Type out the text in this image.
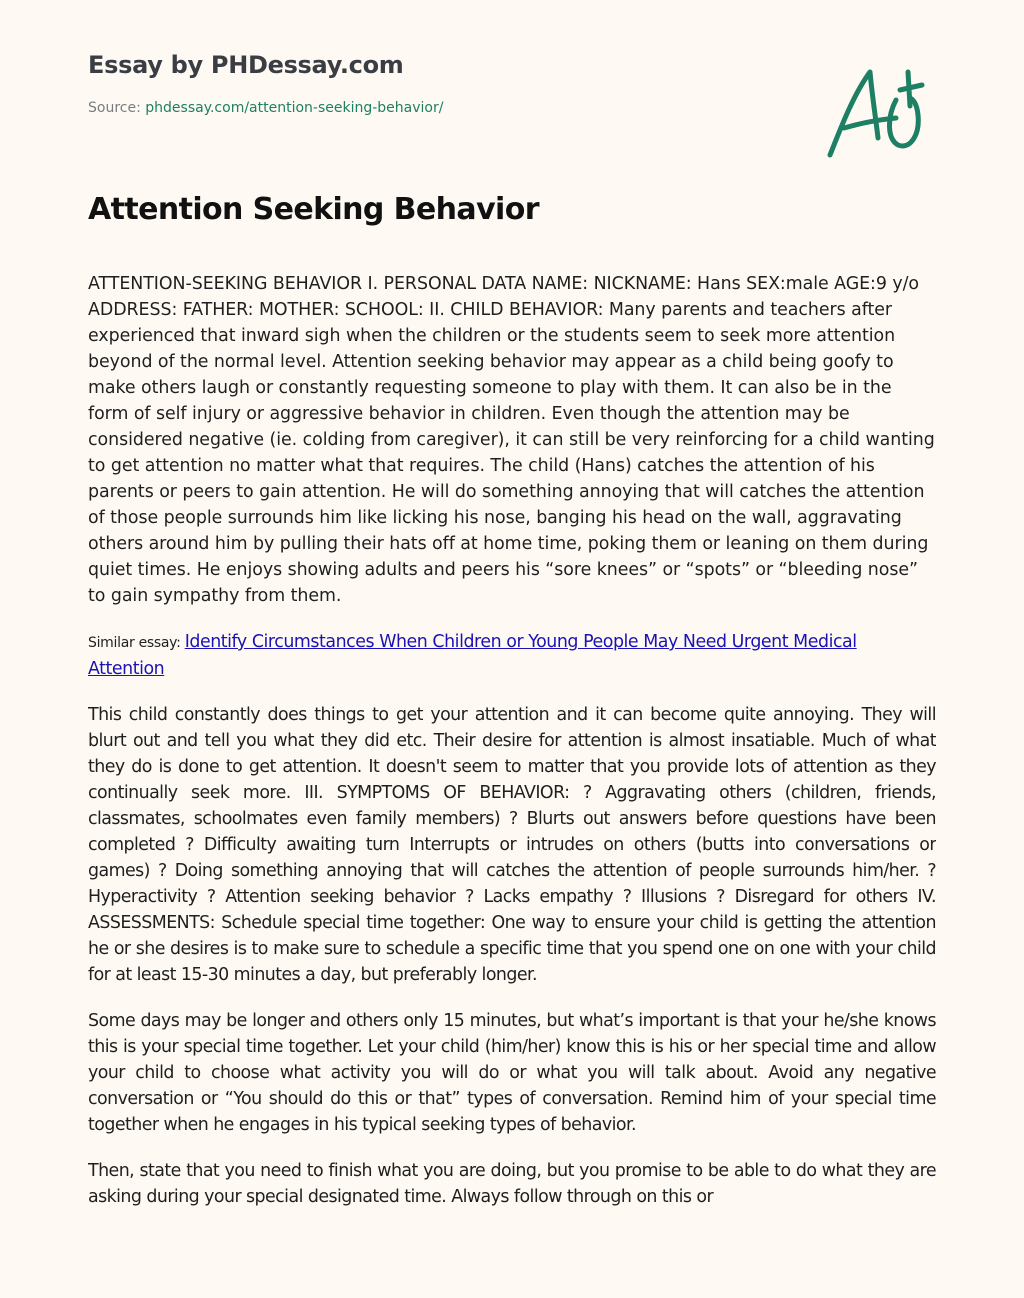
Essay by PHDessay.com
Source: phdessay.com/attention-seeking-behavior/
Attention Seeking Behavior

ATTENTION-SEEKING BEHAVIOR I. PERSONAL DATA NAME: NICKNAME: Hans SEX:male AGE:9 y/o ADDRESS: FATHER: MOTHER: SCHOOL: II. CHILD BEHAVIOR: Many parents and teachers after experienced that inward sigh when the children or the students seem to seek more attention beyond of the normal level. Attention seeking behavior may appear as a child being goofy to make others laugh or constantly requesting someone to play with them. It can also be in the form of self injury or aggressive behavior in children. Even though the attention may be considered negative (ie. colding from caregiver), it can still be very reinforcing for a child wanting to get attention no matter what that requires. The child (Hans) catches the attention of his parents or peers to gain attention. He will do something annoying that will catches the attention of those people surrounds him like licking his nose, banging his head on the wall, aggravating others around him by pulling their hats off at home time, poking them or leaning on them during quiet times. He enjoys showing adults and peers his “sore knees” or “spots” or “bleeding nose” to gain sympathy from them.

Similar essay: Identify Circumstances When Children or Young People May Need Urgent Medical Attention

This child constantly does things to get your attention and it can become quite annoying. They will blurt out and tell you what they did etc. Their desire for attention is almost insatiable. Much of what they do is done to get attention. It doesn't seem to matter that you provide lots of attention as they continually seek more. III. SYMPTOMS OF BEHAVIOR: ? Aggravating others (children, friends, classmates, schoolmates even family members) ? Blurts out answers before questions have been completed ? Difficulty awaiting turn Interrupts or intrudes on others (butts into conversations or games) ? Doing something annoying that will catches the attention of people surrounds him/her. ? Hyperactivity ? Attention seeking behavior ? Lacks empathy ? Illusions ? Disregard for others IV. ASSESSMENTS: Schedule special time together: One way to ensure your child is getting the attention he or she desires is to make sure to schedule a specific time that you spend one on one with your child for at least 15-30 minutes a day, but preferably longer.

Some days may be longer and others only 15 minutes, but what’s important is that your he/she knows this is your special time together. Let your child (him/her) know this is his or her special time and allow your child to choose what activity you will do or what you will talk about. Avoid any negative conversation or “You should do this or that” types of conversation. Remind him of your special time together when he engages in his typical seeking types of behavior.

Then, state that you need to finish what you are doing, but you promise to be able to do what they are asking during your special designated time. Always follow through on this or
